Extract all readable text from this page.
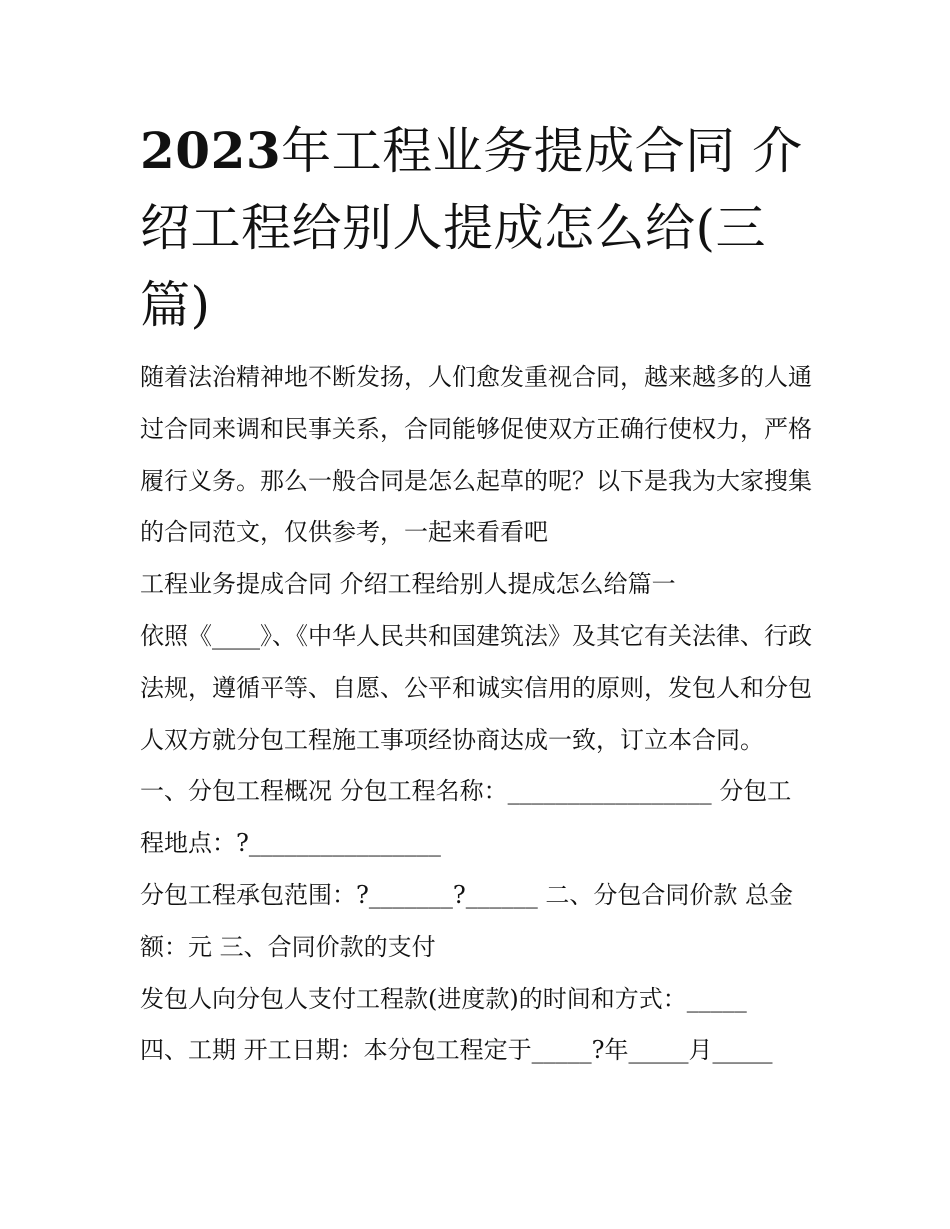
2023年工程业务提成合同 介绍工程给别人提成怎么给(三篇)

随着法治精神地不断发扬，人们愈发重视合同，越来越多的人通过合同来调和民事关系，合同能够促使双方正确行使权力，严格履行义务。那么一般合同是怎么起草的呢？以下是我为大家搜集的合同范文，仅供参考，一起来看看吧

工程业务提成合同 介绍工程给别人提成怎么给篇一

依照《____》、《中华人民共和国建筑法》及其它有关法律、行政法规，遵循平等、自愿、公平和诚实信用的原则，发包人和分包人双方就分包工程施工事项经协商达成一致，订立本合同。

一、分包工程概况 分包工程名称：_________________ 分包工程地点：?________________

分包工程承包范围：?_______?______ 二、分包合同价款 总金额：元 三、合同价款的支付

发包人向分包人支付工程款(进度款)的时间和方式：_____

四、工期 开工日期：本分包工程定于_____?年_____月_____
